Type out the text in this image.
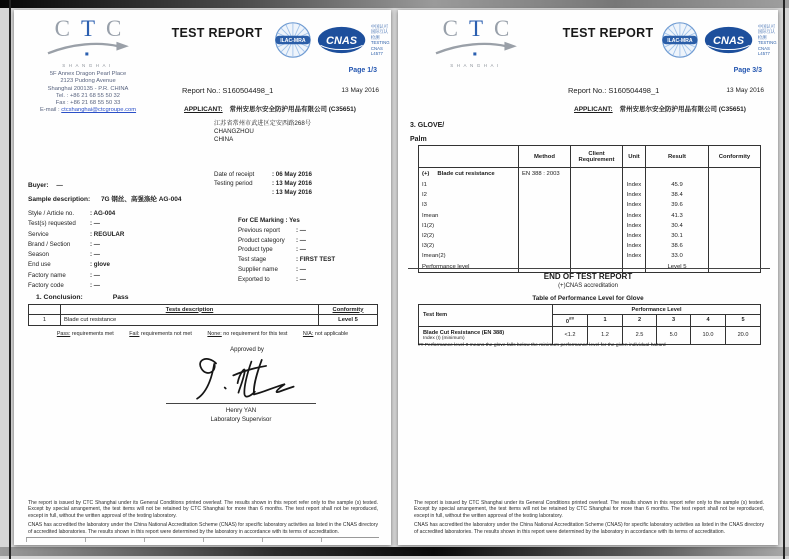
C T C
SHANGHAI
5F Annex Dragon Pearl Place
2123 Pudong Avenue
Shanghai 200135 - P.R. CHINA
Tel. : +86 21 68 55 50 32
Fax : +86 21 68 55 50 33
E-mail : ctcshanghai@ctcgroupe.com
TEST REPORT
ILAC-MRA CNAS
中国认可
国际互认
检测
TESTING
CNAS L4577
Page 1/3
Report No.: S160504498_1	13 May 2016
APPLICANT: 常州安思尔安全防护用品有限公司 (C35651)
江苏省常州市武进区定安西路268号
CHANGZHOU
CHINA
Date of receipt	: 06 May 2016
Testing period	: 13 May 2016
: 13 May 2016
Buyer: —
Sample description: 7G 钢丝、高强涤纶 AG-004
Style / Article no.	: AG-004
Test(s) requested	: —
Service	: REGULAR
Brand / Section	: —
Season	: —
End use	: glove
Factory name	: —
Factory code	: —
For CE Marking : Yes
Previous report	: —
Product category	: —
Product type	: —
Test stage	: FIRST TEST
Supplier name	: —
Exported to	: —
1. Conclusion:	Pass
	Tests description	Conformity
1	Blade cut resistance	Level 5
Pass: requirements met	Fail: requirements not met	None: no requirement for this test	N/A: not applicable
Approved by
Henry YAN
Laboratory Supervisor
The report is issued by CTC Shanghai under its General Conditions printed overleaf. The results shown in this report refer only to the sample (s) tested. Except by special arrangement, the test items will not be retained by CTC Shanghai for more than 6 months. The test report shall not be reproduced, except in full, without the written approval of the testing laboratory.
CNAS has accredited the laboratory under the China National Accreditation Scheme (CNAS) for specific laboratory activities as listed in the CNAS directory of accredited laboratories. The results shown in this report were determined by the laboratory in accordance with its terms of accreditation.
C T C
SHANGHAI
TEST REPORT
ILAC-MRA CNAS
中国认可
国际互认
检测
TESTING
CNAS L4577
Page 3/3
Report No.: S160504498_1	13 May 2016
APPLICANT: 常州安思尔安全防护用品有限公司 (C35651)
3. GLOVE/
Palm
	Method	Client Requirement	Unit	Result	Conformity
(+) Blade cut resistance	EN 388 : 2003				
I1			Index	45.9	
I2			Index	38.4	
I3			Index	39.6	
Imean			Index	41.3	
I1(2)			Index	30.4	
I2(2)			Index	30.1	
I3(2)			Index	38.6	
Imean(2)			Index	33.0	
Performance level				Level 5	
END OF TEST REPORT
(+)CNAS accreditation
Table of Performance Level for Glove
Test Item	Performance Level					
	0##	1	2	3	4	5

Blade Cut Resistance (EN 388)
Index (I) (minimum)	<1.2	1.2	2.5	5.0	10.0	20.0
## Performance level 0 means the glove falls below the minimum performance level for the given individual hazard
The report is issued by CTC Shanghai under its General Conditions printed overleaf. The results shown in this report refer only to the sample (s) tested. Except by special arrangement, the test items will not be retained by CTC Shanghai for more than 6 months. The test report shall not be reproduced, except in full, without the written approval of the testing laboratory.
CNAS has accredited the laboratory under the China National Accreditation Scheme (CNAS) for specific laboratory activities as listed in the CNAS directory of accredited laboratories. The results shown in this report were determined by the laboratory in accordance with its terms of accreditation.
